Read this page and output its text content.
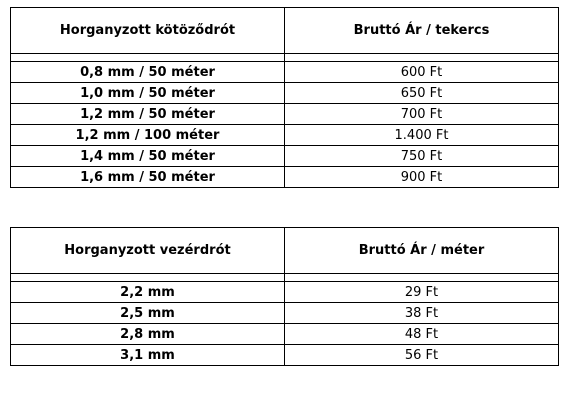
Horganyzott kötöződrót	Bruttó Ár / tekercs

0,8 mm / 50 méter	600 Ft
1,0 mm / 50 méter	650 Ft
1,2 mm / 50 méter	700 Ft
1,2 mm / 100 méter	1.400 Ft
1,4 mm / 50 méter	750 Ft
1,6 mm / 50 méter	900 Ft
Horganyzott vezérdrót	Bruttó Ár / méter

2,2 mm	29 Ft
2,5 mm	38 Ft
2,8 mm	48 Ft
3,1 mm	56 Ft
